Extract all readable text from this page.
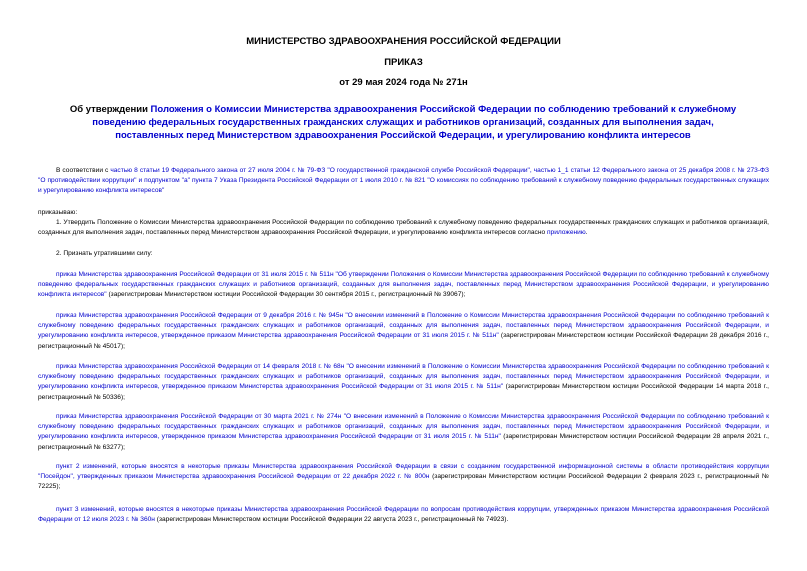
МИНИСТЕРСТВО ЗДРАВООХРАНЕНИЯ РОССИЙСКОЙ ФЕДЕРАЦИИ
ПРИКАЗ
от 29 мая 2024 года № 271н
Об утверждении Положения о Комиссии Министерства здравоохранения Российской Федерации по соблюдению требований к служебному поведению федеральных государственных гражданских служащих и работников организаций, созданных для выполнения задач, поставленных перед Министерством здравоохранения Российской Федерации, и урегулированию конфликта интересов

В соответствии с частью 8 статьи 19 Федерального закона от 27 июля 2004 г. № 79-ФЗ "О государственной гражданской службе Российской Федерации", частью 1_1 статьи 12 Федерального закона от 25 декабря 2008 г. № 273-ФЗ "О противодействии коррупции" и подпунктом "а" пункта 7 Указа Президента Российской Федерации от 1 июля 2010 г. № 821 "О комиссиях по соблюдению требований к служебному поведению федеральных государственных служащих и урегулированию конфликта интересов"

приказываю:

1. Утвердить Положение о Комиссии Министерства здравоохранения Российской Федерации по соблюдению требований к служебному поведению федеральных государственных гражданских служащих и работников организаций, созданных для выполнения задач, поставленных перед Министерством здравоохранения Российской Федерации, и урегулированию конфликта интересов согласно приложению.

2. Признать утратившими силу:

приказ Министерства здравоохранения Российской Федерации от 31 июля 2015 г. № 511н "Об утверждении Положения о Комиссии Министерства здравоохранения Российской Федерации по соблюдению требований к служебному поведению федеральных государственных гражданских служащих и работников организаций, созданных для выполнения задач, поставленных перед Министерством здравоохранения Российской Федерации, и урегулированию конфликта интересов" (зарегистрирован Министерством юстиции Российской Федерации 30 сентября 2015 г., регистрационный № 39067);

приказ Министерства здравоохранения Российской Федерации от 9 декабря 2016 г. № 945н "О внесении изменений в Положение о Комиссии Министерства здравоохранения Российской Федерации по соблюдению требований к служебному поведению федеральных государственных гражданских служащих и работников организаций, созданных для выполнения задач, поставленных перед Министерством здравоохранения Российской Федерации, и урегулированию конфликта интересов, утвержденное приказом Министерства здравоохранения Российской Федерации от 31 июля 2015 г. № 511н" (зарегистрирован Министерством юстиции Российской Федерации 28 декабря 2016 г., регистрационный № 45017);

приказ Министерства здравоохранения Российской Федерации от 14 февраля 2018 г. № 68н "О внесении изменений в Положение о Комиссии Министерства здравоохранения Российской Федерации по соблюдению требований к служебному поведению федеральных государственных гражданских служащих и работников организаций, созданных для выполнения задач, поставленных перед Министерством здравоохранения Российской Федерации, и урегулированию конфликта интересов, утвержденное приказом Министерства здравоохранения Российской Федерации от 31 июля 2015 г. № 511н" (зарегистрирован Министерством юстиции Российской Федерации 14 марта 2018 г., регистрационный № 50336);

приказ Министерства здравоохранения Российской Федерации от 30 марта 2021 г. № 274н "О внесении изменений в Положение о Комиссии Министерства здравоохранения Российской Федерации по соблюдению требований к служебному поведению федеральных государственных гражданских служащих и работников организаций, созданных для выполнения задач, поставленных перед Министерством здравоохранения Российской Федерации, и урегулированию конфликта интересов, утвержденное приказом Министерства здравоохранения Российской Федерации от 31 июля 2015 г. № 511н" (зарегистрирован Министерством юстиции Российской Федерации 28 апреля 2021 г., регистрационный № 63277);

пункт 2 изменений, которые вносятся в некоторые приказы Министерства здравоохранения Российской Федерации в связи с созданием государственной информационной системы в области противодействия коррупции "Посейдон", утвержденных приказом Министерства здравоохранения Российской Федерации от 22 декабря 2022 г. № 800н (зарегистрирован Министерством юстиции Российской Федерации 2 февраля 2023 г., регистрационный № 72225);

пункт 3 изменений, которые вносятся в некоторые приказы Министерства здравоохранения Российской Федерации по вопросам противодействия коррупции, утвержденных приказом Министерства здравоохранения Российской Федерации от 12 июля 2023 г. № 360н (зарегистрирован Министерством юстиции Российской Федерации 22 августа 2023 г., регистрационный № 74923).
